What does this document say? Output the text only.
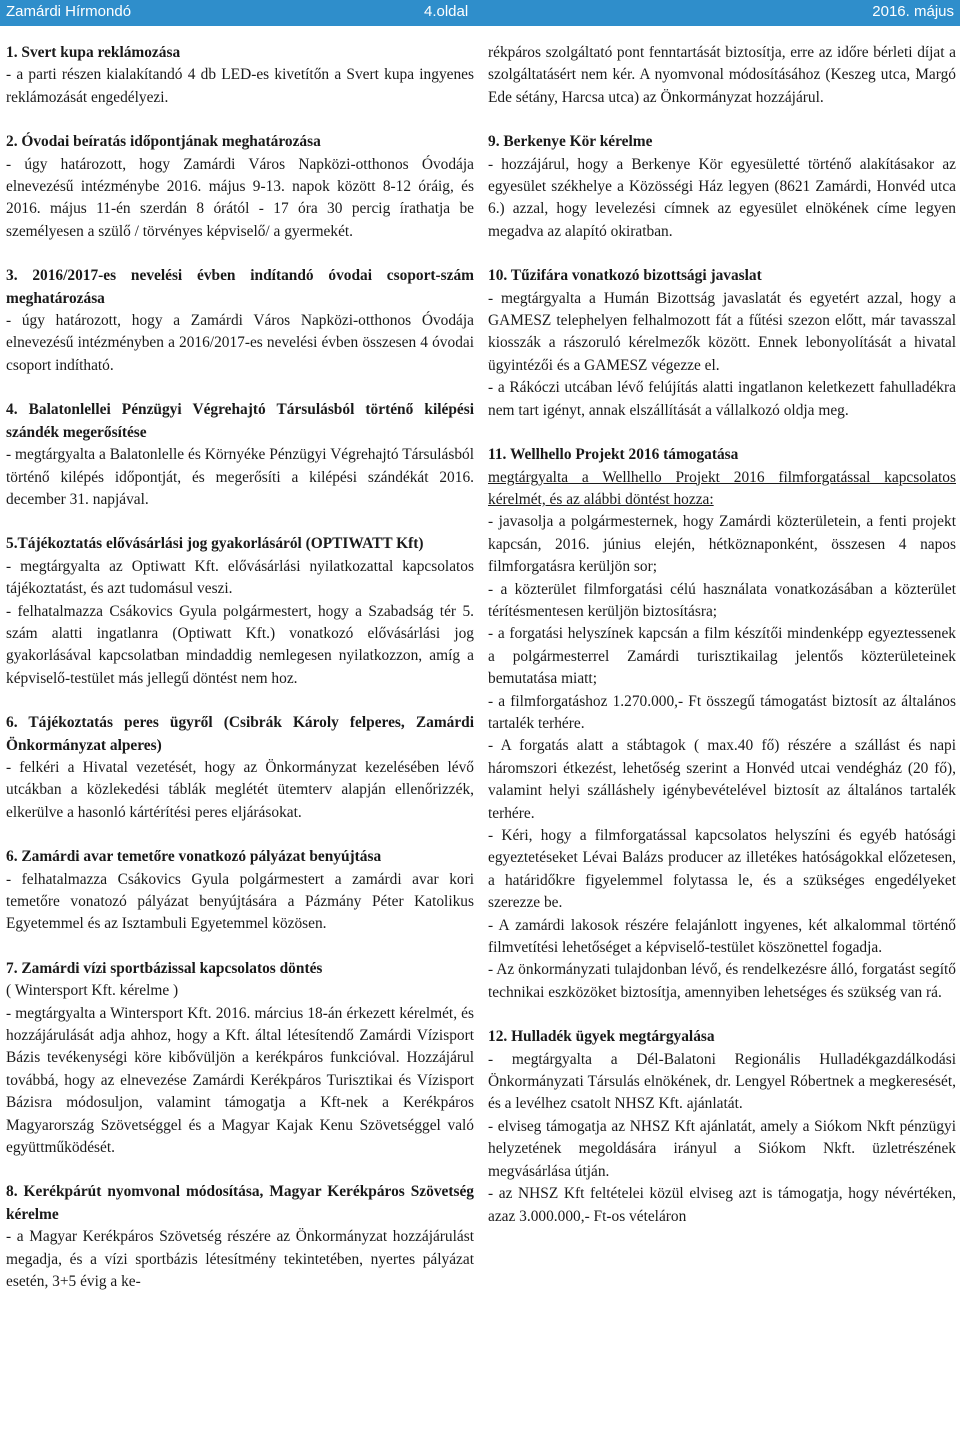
Zamárdi Hírmondó	4.oldal	2016. május

1. Svert kupa reklámozása

- a parti részen kialakítandó 4 db LED-es kivetítőn a Svert kupa ingyenes reklámozását engedélyezi.

2. Óvodai beíratás időpontjának meghatározása

- úgy határozott, hogy Zamárdi Város Napközi-otthonos Óvodája elnevezésű intézménybe 2016. május 9-13. napok között 8-12 óráig, és 2016. május 11-én szerdán 8 órától - 17 óra 30 percig írathatja be személyesen a szülő / törvényes képviselő/ a gyermekét.

3. 2016/2017-es nevelési évben indítandó óvodai csoport-szám meghatározása

- úgy határozott, hogy a Zamárdi Város Napközi-otthonos Óvodája elnevezésű intézményben a 2016/2017-es nevelési évben összesen 4 óvodai csoport indítható.

4. Balatonlellei Pénzügyi Végrehajtó Társulásból történő kilépési szándék megerősítése

- megtárgyalta a Balatonlelle és Környéke Pénzügyi Végrehajtó Társulásból történő kilépés időpontját, és megerősíti a kilépési szándékát 2016. december 31. napjával.

5.Tájékoztatás elővásárlási jog gyakorlásáról (OPTIWATT Kft)

- megtárgyalta az Optiwatt Kft. elővásárlási nyilatkozattal kapcsolatos tájékoztatást, és azt tudomásul veszi.

- felhatalmazza Csákovics Gyula polgármestert, hogy a Szabadság tér 5. szám alatti ingatlanra (Optiwatt Kft.) vonatkozó elővásárlási jog gyakorlásával kapcsolatban mindaddig nemlegesen nyilatkozzon, amíg a képviselő-testület más jellegű döntést nem hoz.

6. Tájékoztatás peres ügyről (Csibrák Károly felperes, Zamárdi Önkormányzat alperes)

- felkéri a Hivatal vezetését, hogy az Önkormányzat kezelésében lévő utcákban a közlekedési táblák meglétét ütemterv alapján ellenőrizzék, elkerülve a hasonló kártérítési peres eljárásokat.

6. Zamárdi avar temetőre vonatkozó pályázat benyújtása

- felhatalmazza Csákovics Gyula polgármestert a zamárdi avar kori temetőre vonatozó pályázat benyújtására a Pázmány Péter Katolikus Egyetemmel és az Isztambuli Egyetemmel közösen.

7. Zamárdi vízi sportbázissal kapcsolatos döntés

( Wintersport Kft. kérelme )

- megtárgyalta a Wintersport Kft. 2016. március 18-án érkezett kérelmét, és hozzájárulását adja ahhoz, hogy a Kft. által létesítendő Zamárdi Vízisport Bázis tevékenységi köre kibővüljön a kerékpáros funkcióval. Hozzájárul továbbá, hogy az elnevezése Zamárdi Kerékpáros Turisztikai és Vízisport Bázisra módosuljon, valamint támogatja a Kft-nek a Kerékpáros Magyarország Szövetséggel és a Magyar Kajak Kenu Szövetséggel való együttműködését.

8. Kerékpárút nyomvonal módosítása, Magyar Kerékpáros Szövetség kérelme

- a Magyar Kerékpáros Szövetség részére az Önkormányzat hozzájárulást megadja, és a vízi sportbázis létesítmény tekintetében, nyertes pályázat esetén, 3+5 évig a ke-

rékpáros szolgáltató pont fenntartását biztosítja, erre az időre bérleti díjat a szolgáltatásért nem kér. A nyomvonal módosításához (Keszeg utca, Margó Ede sétány, Harcsa utca) az Önkormányzat hozzájárul.

9. Berkenye Kör kérelme

- hozzájárul, hogy a Berkenye Kör egyesületté történő alakításakor az egyesület székhelye a Közösségi Ház legyen (8621 Zamárdi, Honvéd utca 6.) azzal, hogy levelezési címnek az egyesület elnökének címe legyen megadva az alapító okiratban.

10. Tűzifára vonatkozó bizottsági javaslat

- megtárgyalta a Humán Bizottság javaslatát és egyetért azzal, hogy a GAMESZ telephelyen felhalmozott fát a fűtési szezon előtt, már tavasszal kiosszák a rászoruló kérelmezők között. Ennek lebonyolítását a hivatal ügyintézői és a GAMESZ végezze el.

- a Rákóczi utcában lévő felújítás alatti ingatlanon keletkezett fahulladékra nem tart igényt, annak elszállítását a vállalkozó oldja meg.

11. Wellhello Projekt 2016 támogatása

megtárgyalta a Wellhello Projekt 2016 filmforgatással kapcsolatos kérelmét, és az alábbi döntést hozza:

- javasolja a polgármesternek, hogy Zamárdi közterületein, a fenti projekt kapcsán, 2016. június elején, hétköznaponként, összesen 4 napos filmforgatásra kerüljön sor;

- a közterület filmforgatási célú használata vonatkozásában a közterület térítésmentesen kerüljön biztosításra;

- a forgatási helyszínek kapcsán a film készítői mindenképp egyeztessenek a polgármesterrel Zamárdi turisztikailag jelentős közterületeinek bemutatása miatt;

- a filmforgatáshoz 1.270.000,- Ft összegű támogatást biztosít az általános tartalék terhére.

- A forgatás alatt a stábtagok ( max.40 fő) részére a szállást és napi háromszori étkezést, lehetőség szerint a Honvéd utcai vendégház (20 fő), valamint helyi szálláshely igénybevételével biztosít az általános tartalék terhére.

- Kéri, hogy a filmforgatással kapcsolatos helyszíni és egyéb hatósági egyeztetéseket Lévai Balázs producer az illetékes hatóságokkal előzetesen, a határidőkre figyelemmel folytassa le, és a szükséges engedélyeket szerezze be.

- A zamárdi lakosok részére felajánlott ingyenes, két alkalommal történő filmvetítési lehetőséget a képviselő-testület köszönettel fogadja.

- Az önkormányzati tulajdonban lévő, és rendelkezésre álló, forgatást segítő technikai eszközöket biztosítja, amennyiben lehetséges és szükség van rá.

12. Hulladék ügyek megtárgyalása

- megtárgyalta a Dél-Balatoni Regionális Hulladékgazdálkodási Önkormányzati Társulás elnökének, dr. Lengyel Róbertnek a megkeresését, és a levélhez csatolt NHSZ Kft. ajánlatát.

- elviseg támogatja az NHSZ Kft ajánlatát, amely a Siókom Nkft pénzügyi helyzetének megoldására irányul a Siókom Nkft. üzletrészének megvásárlása útján.

- az NHSZ Kft feltételei közül elviseg azt is támogatja, hogy névértéken, azaz 3.000.000,- Ft-os vételáron
